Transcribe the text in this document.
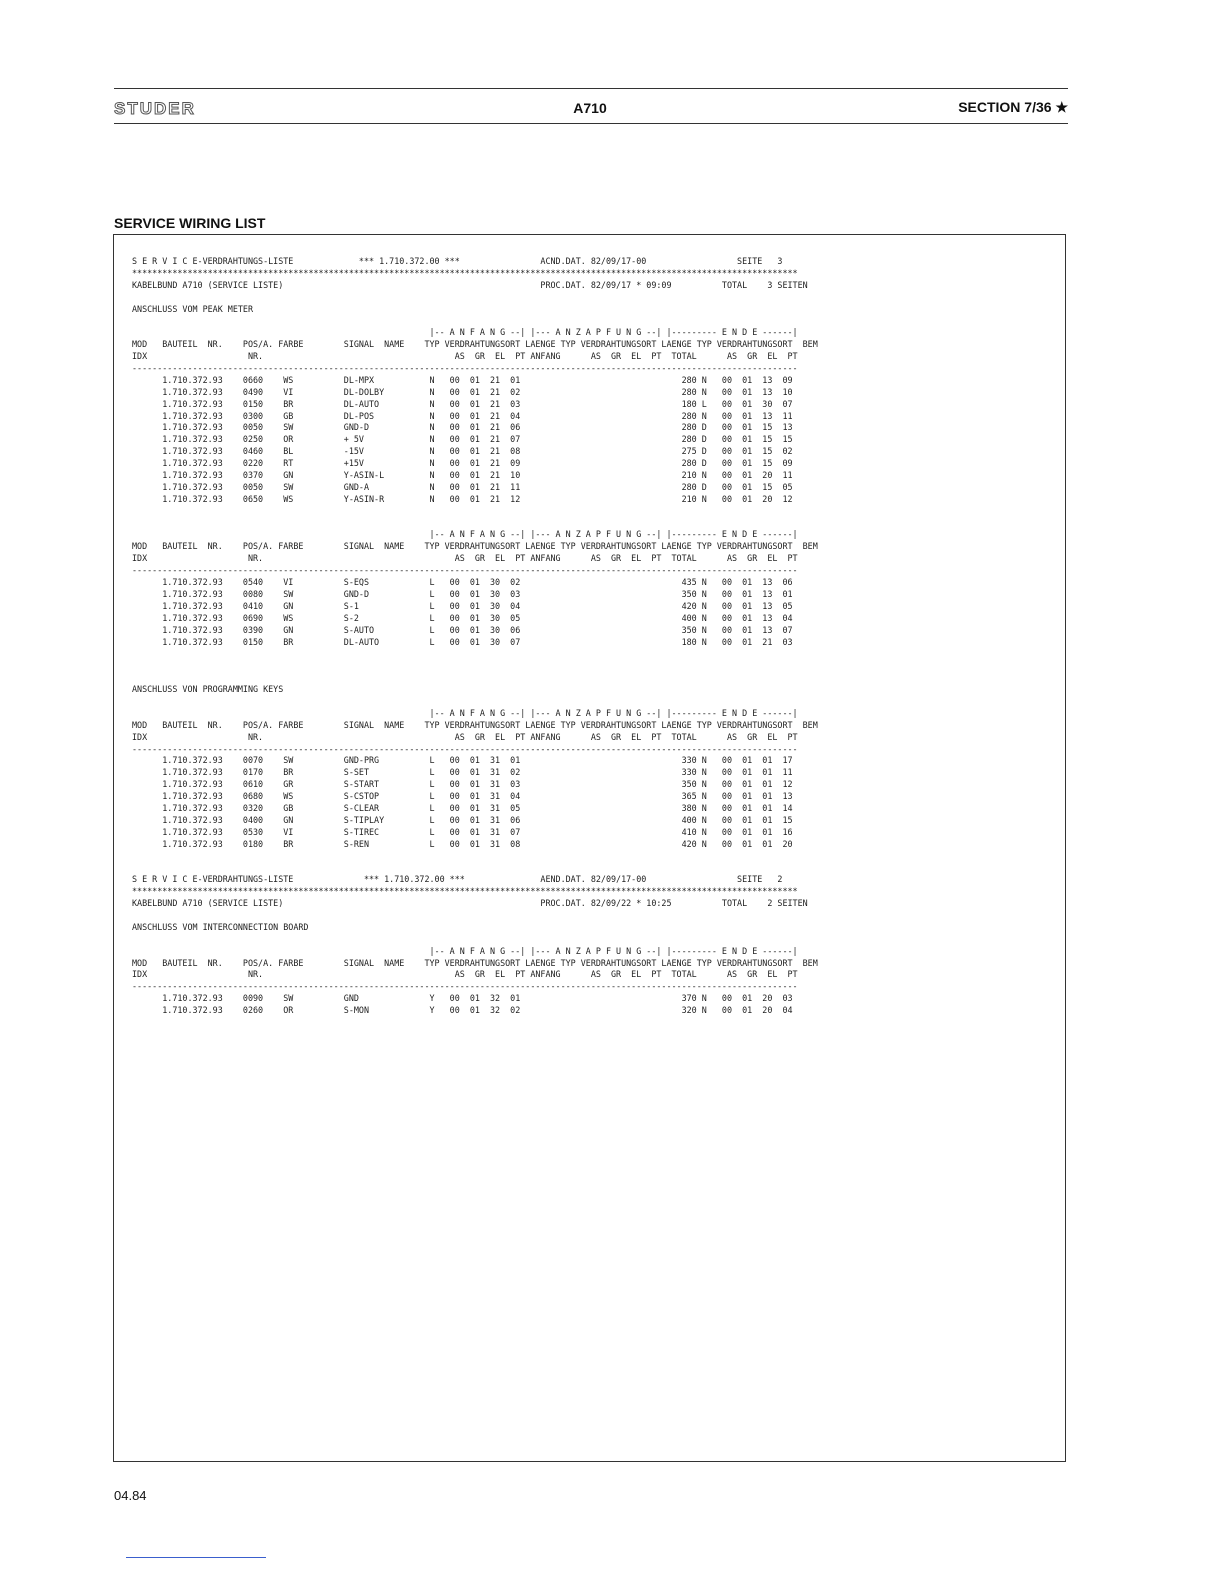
STUDER	A710	SECTION 7/36 ★
SERVICE WIRING LIST
S E R V I C E-VERDRAHTUNGS-LISTE             *** 1.710.372.00 ***                ACND.DAT. 82/09/17-00                  SEITE   3
************************************************************************************************************************************
KABELBUND A710 (SERVICE LISTE)                                                   PROC.DAT. 82/09/17 * 09:09          TOTAL    3 SEITEN
ANSCHLUSS VOM PEAK METER
|-- A N F A N G --| |--- A N Z A P F U N G --| |--------- E N D E ------|
MOD   BAUTEIL  NR.    POS/A. FARBE        SIGNAL  NAME    TYP VERDRAHTUNGSORT LAENGE TYP VERDRAHTUNGSORT LAENGE TYP VERDRAHTUNGSORT  BEM
IDX                    NR.                                      AS  GR  EL  PT ANFANG      AS  GR  EL  PT  TOTAL      AS  GR  EL  PT
------------------------------------------------------------------------------------------------------------------------------------
1.710.372.93    0660    WS          DL-MPX           N   00  01  21  01                                280 N   00  01  13  09
1.710.372.93    0490    VI          DL-DOLBY         N   00  01  21  02                                280 N   00  01  13  10
1.710.372.93    0150    BR          DL-AUTO          N   00  01  21  03                                180 L   00  01  30  07
1.710.372.93    0300    GB          DL-POS           N   00  01  21  04                                280 N   00  01  13  11
1.710.372.93    0050    SW          GND-D            N   00  01  21  06                                280 D   00  01  15  13
1.710.372.93    0250    OR          + 5V             N   00  01  21  07                                280 D   00  01  15  15
1.710.372.93    0460    BL          -15V             N   00  01  21  08                                275 D   00  01  15  02
1.710.372.93    0220    RT          +15V             N   00  01  21  09                                280 D   00  01  15  09
1.710.372.93    0370    GN          Y-ASIN-L         N   00  01  21  10                                210 N   00  01  20  11
1.710.372.93    0050    SW          GND-A            N   00  01  21  11                                280 D   00  01  15  05
1.710.372.93    0650    WS          Y-ASIN-R         N   00  01  21  12                                210 N   00  01  20  12
|-- A N F A N G --| |--- A N Z A P F U N G --| |--------- E N D E ------|
MOD   BAUTEIL  NR.    POS/A. FARBE        SIGNAL  NAME    TYP VERDRAHTUNGSORT LAENGE TYP VERDRAHTUNGSORT LAENGE TYP VERDRAHTUNGSORT  BEM
IDX                    NR.                                      AS  GR  EL  PT ANFANG      AS  GR  EL  PT  TOTAL      AS  GR  EL  PT
------------------------------------------------------------------------------------------------------------------------------------
1.710.372.93    0540    VI          S-EQS            L   00  01  30  02                                435 N   00  01  13  06
1.710.372.93    0080    SW          GND-D            L   00  01  30  03                                350 N   00  01  13  01
1.710.372.93    0410    GN          S-1              L   00  01  30  04                                420 N   00  01  13  05
1.710.372.93    0690    WS          S-2              L   00  01  30  05                                400 N   00  01  13  04
1.710.372.93    0390    GN          S-AUTO           L   00  01  30  06                                350 N   00  01  13  07
1.710.372.93    0150    BR          DL-AUTO          L   00  01  30  07                                180 N   00  01  21  03
ANSCHLUSS VON PROGRAMMING KEYS
|-- A N F A N G --| |--- A N Z A P F U N G --| |--------- E N D E ------|
MOD   BAUTEIL  NR.    POS/A. FARBE        SIGNAL  NAME    TYP VERDRAHTUNGSORT LAENGE TYP VERDRAHTUNGSORT LAENGE TYP VERDRAHTUNGSORT  BEM
IDX                    NR.                                      AS  GR  EL  PT ANFANG      AS  GR  EL  PT  TOTAL      AS  GR  EL  PT
------------------------------------------------------------------------------------------------------------------------------------
1.710.372.93    0070    SW          GND-PRG          L   00  01  31  01                                330 N   00  01  01  17
1.710.372.93    0170    BR          S-SET            L   00  01  31  02                                330 N   00  01  01  11
1.710.372.93    0610    GR          S-START          L   00  01  31  03                                350 N   00  01  01  12
1.710.372.93    0680    WS          S-CSTOP          L   00  01  31  04                                365 N   00  01  01  13
1.710.372.93    0320    GB          S-CLEAR          L   00  01  31  05                                380 N   00  01  01  14
1.710.372.93    0400    GN          S-TIPLAY         L   00  01  31  06                                400 N   00  01  01  15
1.710.372.93    0530    VI          S-TIREC          L   00  01  31  07                                410 N   00  01  01  16
1.710.372.93    0180    BR          S-REN            L   00  01  31  08                                420 N   00  01  01  20
S E R V I C E-VERDRAHTUNGS-LISTE              *** 1.710.372.00 ***               AEND.DAT. 82/09/17-00                  SEITE   2
************************************************************************************************************************************
KABELBUND A710 (SERVICE LISTE)                                                   PROC.DAT. 82/09/22 * 10:25          TOTAL    2 SEITEN
ANSCHLUSS VOM INTERCONNECTION BOARD
|-- A N F A N G --| |--- A N Z A P F U N G --| |--------- E N D E ------|
MOD   BAUTEIL  NR.    POS/A. FARBE        SIGNAL  NAME    TYP VERDRAHTUNGSORT LAENGE TYP VERDRAHTUNGSORT LAENGE TYP VERDRAHTUNGSORT  BEM
IDX                    NR.                                      AS  GR  EL  PT ANFANG      AS  GR  EL  PT  TOTAL      AS  GR  EL  PT
------------------------------------------------------------------------------------------------------------------------------------
1.710.372.93    0090    SW          GND              Y   00  01  32  01                                370 N   00  01  20  03
1.710.372.93    0260    OR          S-MON            Y   00  01  32  02                                320 N   00  01  20  04
04.84
